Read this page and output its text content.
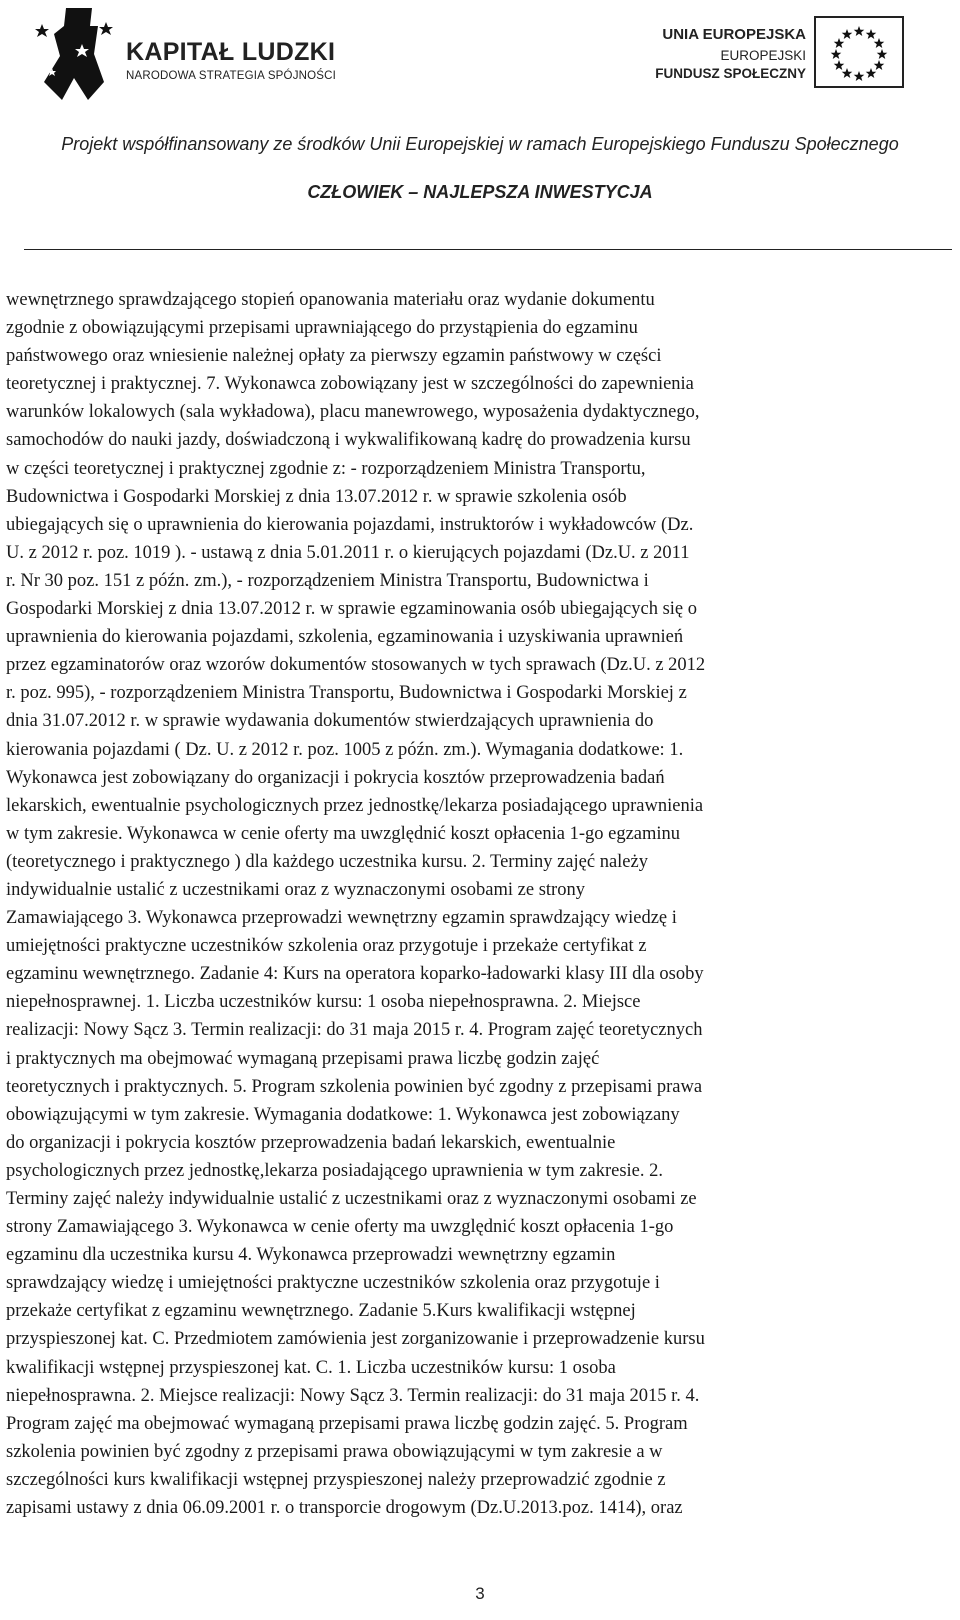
KAPITAŁ LUDZKI
NARODOWA STRATEGIA SPÓJNOŚCI
UNIA EUROPEJSKA
EUROPEJSKI
FUNDUSZ SPOŁECZNY
Projekt współfinansowany ze środków Unii Europejskiej w ramach Europejskiego Funduszu Społecznego
CZŁOWIEK – NAJLEPSZA INWESTYCJA
wewnętrznego sprawdzającego stopień opanowania materiału oraz wydanie dokumentu
zgodnie z obowiązującymi przepisami uprawniającego do przystąpienia do egzaminu
państwowego oraz wniesienie należnej opłaty za pierwszy egzamin państwowy w części
teoretycznej i praktycznej. 7. Wykonawca zobowiązany jest w szczególności do zapewnienia
warunków lokalowych (sala wykładowa), placu manewrowego, wyposażenia dydaktycznego,
samochodów do nauki jazdy, doświadczoną i wykwalifikowaną kadrę do prowadzenia kursu
w części teoretycznej i praktycznej zgodnie z: - rozporządzeniem Ministra Transportu,
Budownictwa i Gospodarki Morskiej z dnia 13.07.2012 r. w sprawie szkolenia osób
ubiegających się o uprawnienia do kierowania pojazdami, instruktorów i wykładowców (Dz.
U. z 2012 r. poz. 1019 ). - ustawą z dnia 5.01.2011 r. o kierujących pojazdami (Dz.U. z 2011
r. Nr 30 poz. 151 z późn. zm.), - rozporządzeniem Ministra Transportu, Budownictwa i
Gospodarki Morskiej z dnia 13.07.2012 r. w sprawie egzaminowania osób ubiegających się o
uprawnienia do kierowania pojazdami, szkolenia, egzaminowania i uzyskiwania uprawnień
przez egzaminatorów oraz wzorów dokumentów stosowanych w tych sprawach (Dz.U. z 2012
r. poz. 995), - rozporządzeniem Ministra Transportu, Budownictwa i Gospodarki Morskiej z
dnia 31.07.2012 r. w sprawie wydawania dokumentów stwierdzających uprawnienia do
kierowania pojazdami ( Dz. U. z 2012 r. poz. 1005 z późn. zm.). Wymagania dodatkowe: 1.
Wykonawca jest zobowiązany do organizacji i pokrycia kosztów przeprowadzenia badań
lekarskich, ewentualnie psychologicznych przez jednostkę/lekarza posiadającego uprawnienia
w tym zakresie. Wykonawca w cenie oferty ma uwzględnić koszt opłacenia 1-go egzaminu
(teoretycznego i praktycznego ) dla każdego uczestnika kursu. 2. Terminy zajęć należy
indywidualnie ustalić z uczestnikami oraz z wyznaczonymi osobami ze strony
Zamawiającego 3. Wykonawca przeprowadzi wewnętrzny egzamin sprawdzający wiedzę i
umiejętności praktyczne uczestników szkolenia oraz przygotuje i przekaże certyfikat z
egzaminu wewnętrznego. Zadanie 4: Kurs na operatora koparko-ładowarki klasy III dla osoby
niepełnosprawnej. 1. Liczba uczestników kursu: 1 osoba niepełnosprawna. 2. Miejsce
realizacji: Nowy Sącz 3. Termin realizacji: do 31 maja 2015 r. 4. Program zajęć teoretycznych
i praktycznych ma obejmować wymaganą przepisami prawa liczbę godzin zajęć
teoretycznych i praktycznych. 5. Program szkolenia powinien być zgodny z przepisami prawa
obowiązującymi w tym zakresie. Wymagania dodatkowe: 1. Wykonawca jest zobowiązany
do organizacji i pokrycia kosztów przeprowadzenia badań lekarskich, ewentualnie
psychologicznych przez jednostkę,lekarza posiadającego uprawnienia w tym zakresie. 2.
Terminy zajęć należy indywidualnie ustalić z uczestnikami oraz z wyznaczonymi osobami ze
strony Zamawiającego 3. Wykonawca w cenie oferty ma uwzględnić koszt opłacenia 1-go
egzaminu dla uczestnika kursu 4. Wykonawca przeprowadzi wewnętrzny egzamin
sprawdzający wiedzę i umiejętności praktyczne uczestników szkolenia oraz przygotuje i
przekaże certyfikat z egzaminu wewnętrznego. Zadanie 5.Kurs kwalifikacji wstępnej
przyspieszonej kat. C. Przedmiotem zamówienia jest zorganizowanie i przeprowadzenie kursu
kwalifikacji wstępnej przyspieszonej kat. C. 1. Liczba uczestników kursu: 1 osoba
niepełnosprawna. 2. Miejsce realizacji: Nowy Sącz 3. Termin realizacji: do 31 maja 2015 r. 4.
Program zajęć ma obejmować wymaganą przepisami prawa liczbę godzin zajęć. 5. Program
szkolenia powinien być zgodny z przepisami prawa obowiązującymi w tym zakresie a w
szczególności kurs kwalifikacji wstępnej przyspieszonej należy przeprowadzić zgodnie z
zapisami ustawy z dnia 06.09.2001 r. o transporcie drogowym (Dz.U.2013.poz. 1414), oraz
3
